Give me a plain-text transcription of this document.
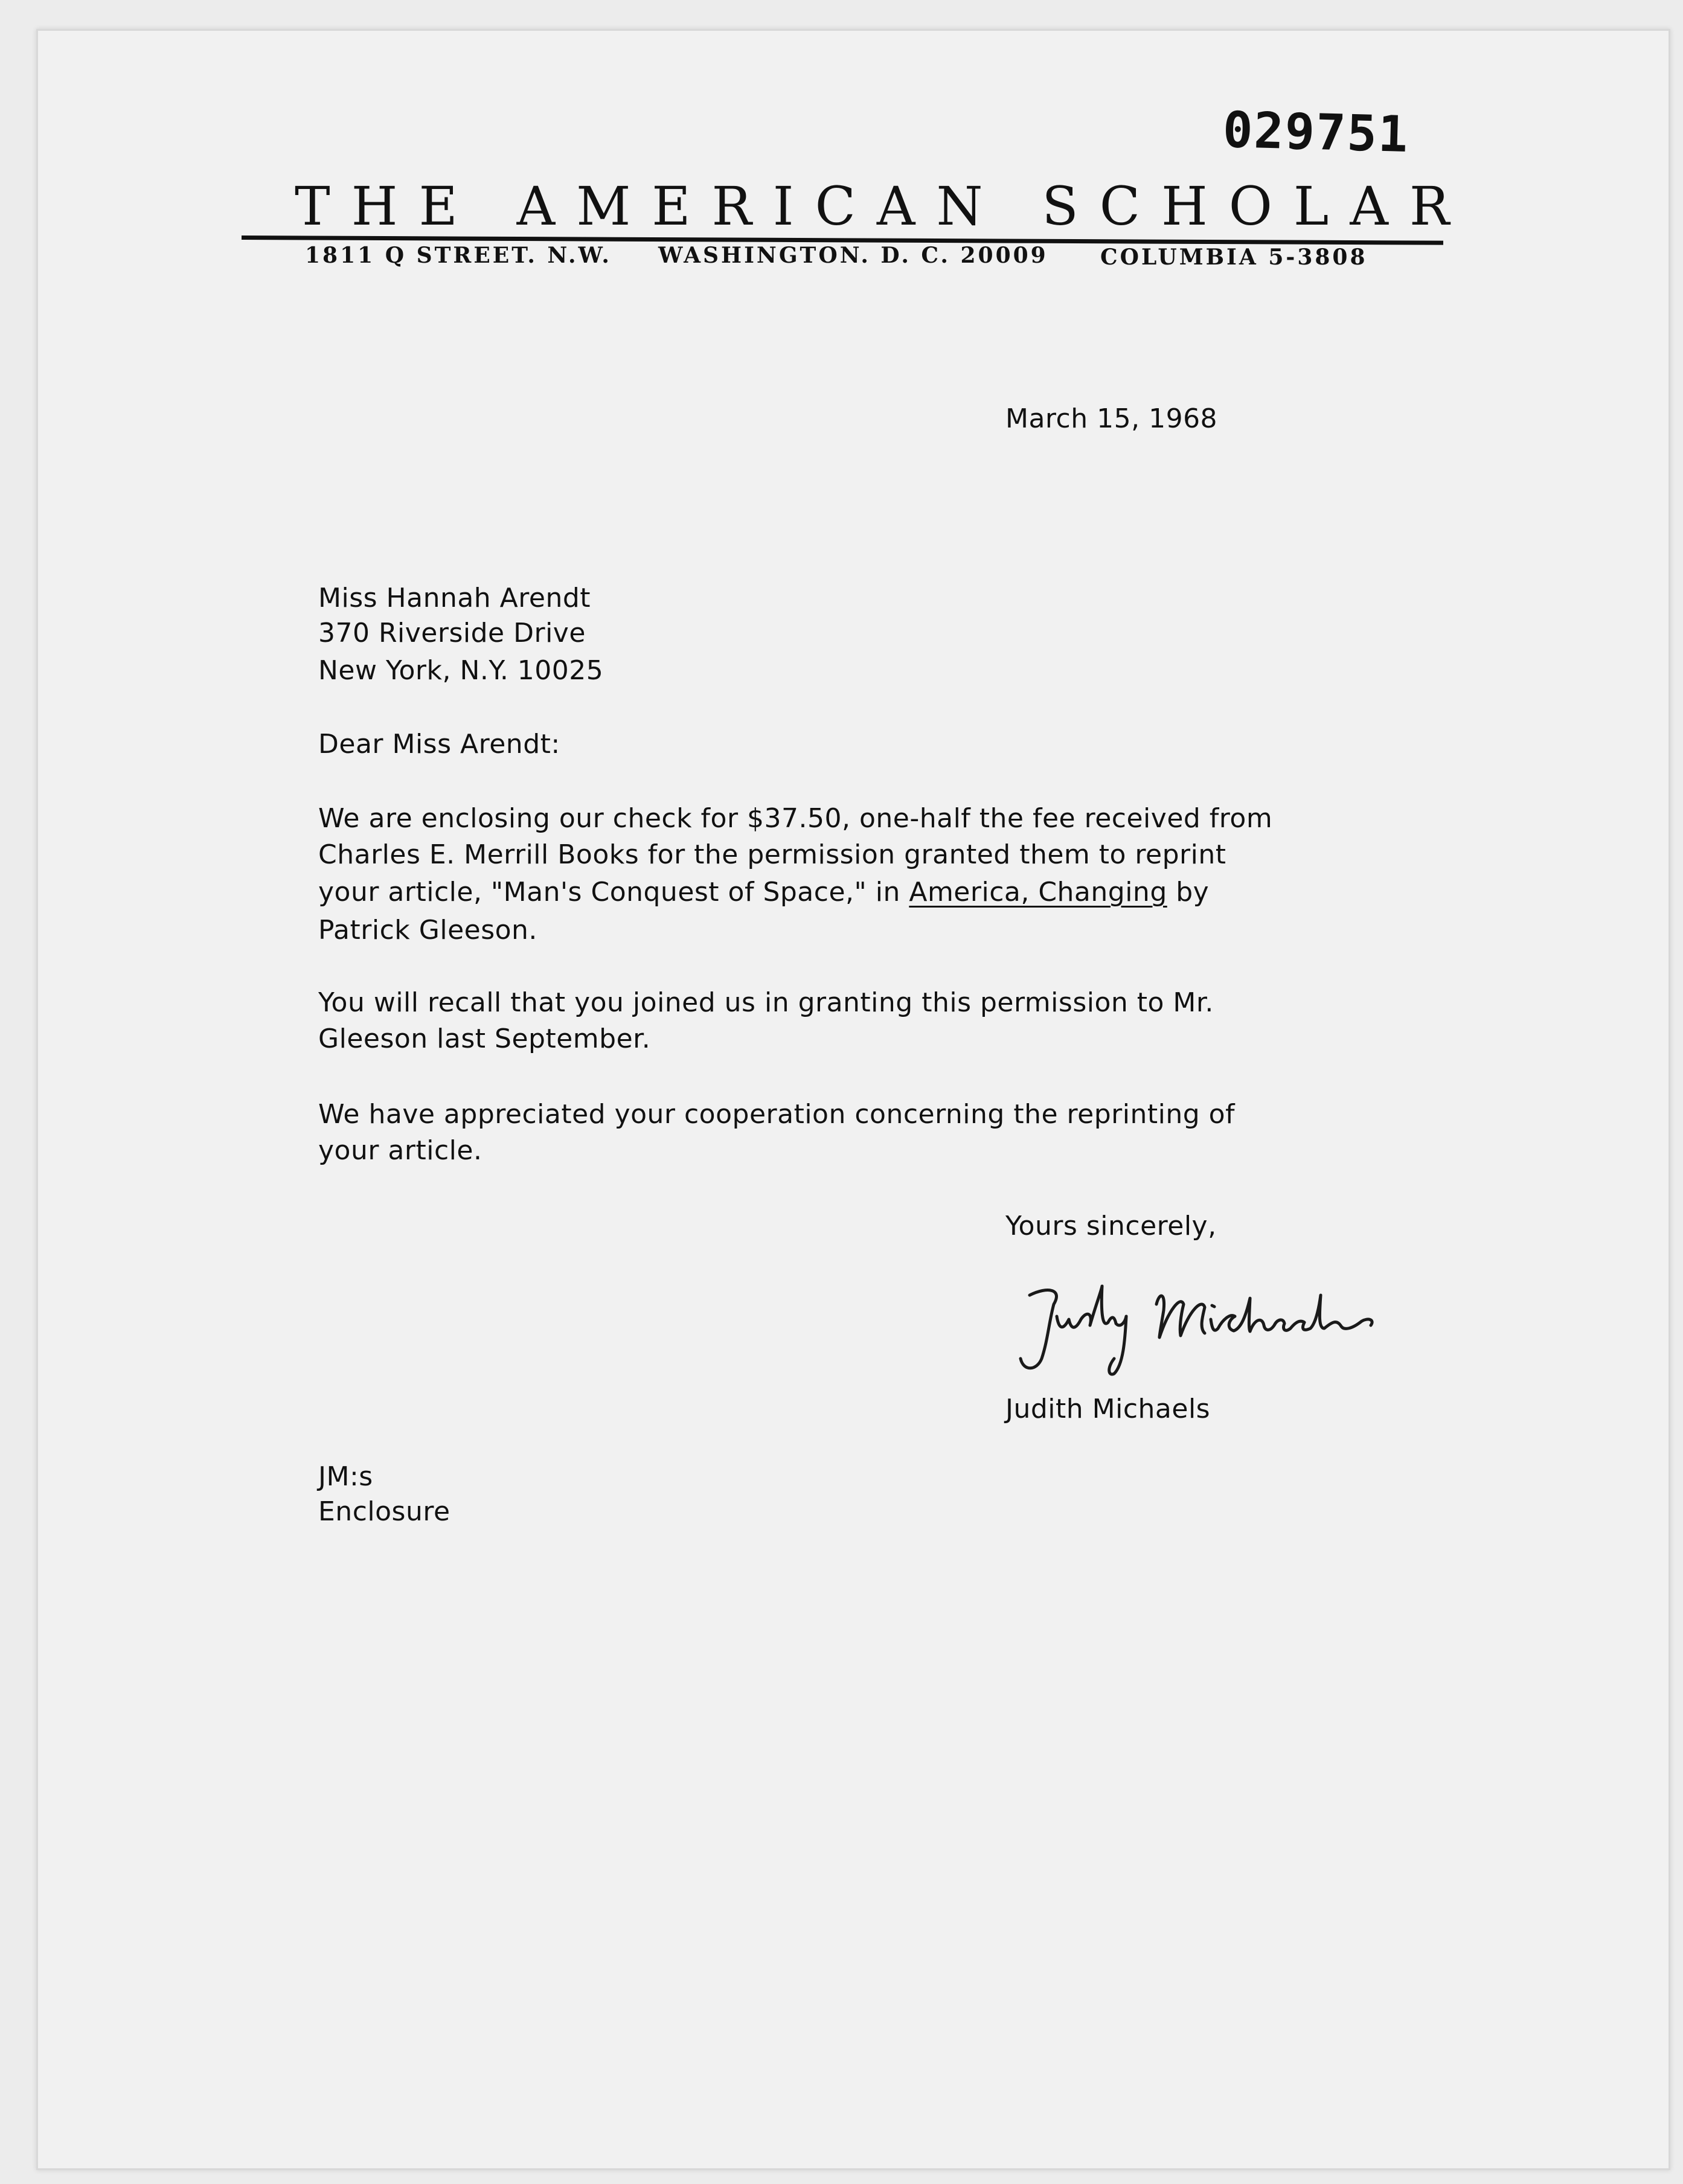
029751
THE AMERICAN SCHOLAR
1811 Q STREET. N.W. WASHINGTON. D. C. 20009 COLUMBIA 5-3808
March 15, 1968
Miss Hannah Arendt
370 Riverside Drive
New York, N.Y. 10025
Dear Miss Arendt:
We are enclosing our check for $37.50, one-half the fee received from
Charles E. Merrill Books for the permission granted them to reprint
your article, "Man's Conquest of Space," in America, Changing by
Patrick Gleeson.
You will recall that you joined us in granting this permission to Mr.
Gleeson last September.
We have appreciated your cooperation concerning the reprinting of
your article.
Yours sincerely,
Judith Michaels
JM:s
Enclosure
